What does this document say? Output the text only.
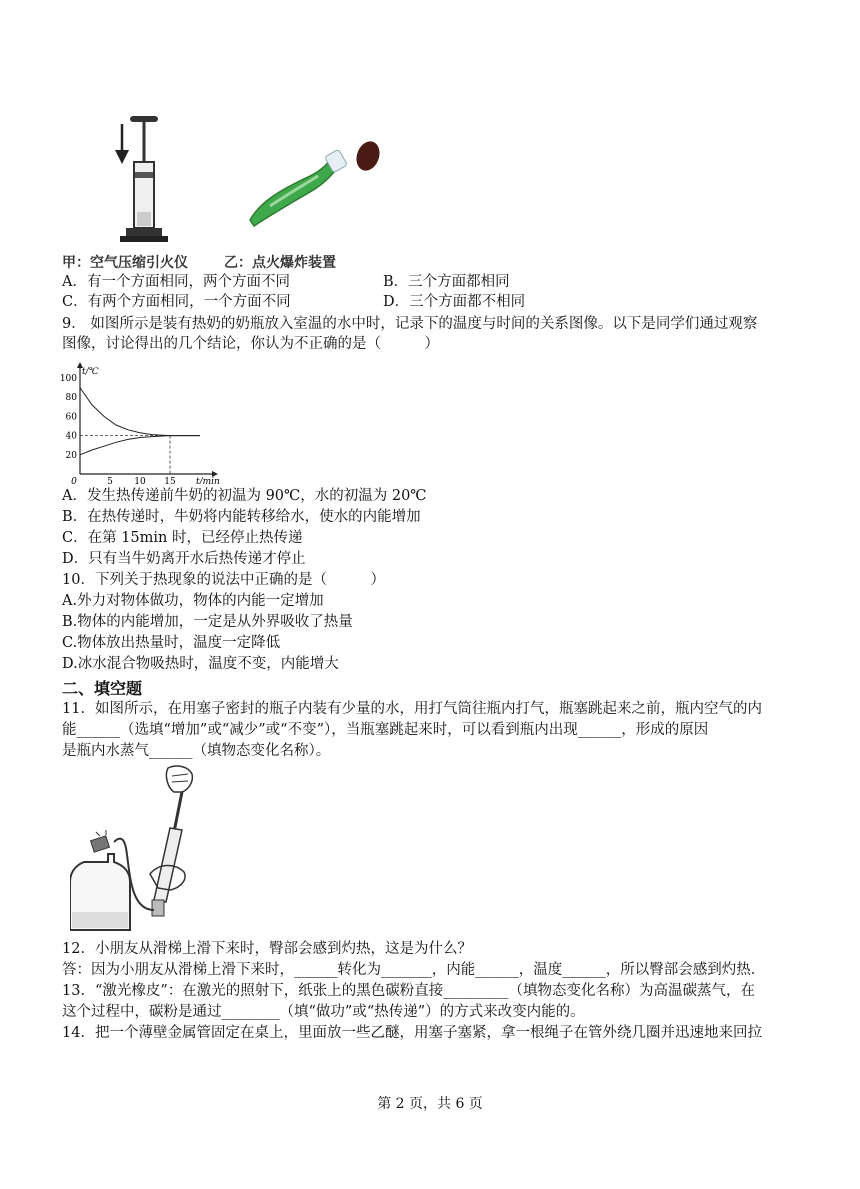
甲：空气压缩引火仪	乙：点火爆炸装置
A．有一个方面相同，两个方面不同	B．三个方面都相同
C．有两个方面相同，一个方面不同	D．三个方面都不相同
9． 如图所示是装有热奶的奶瓶放入室温的水中时，记录下的温度与时间的关系图像。以下是同学们通过观察
图像，讨论得出的几个结论，你认为不正确的是（　　　）
t/℃
t/min
100
80
60
40
20
0	5 10 15
A．发生热传递前牛奶的初温为 90℃，水的初温为 20℃
B．在热传递时，牛奶将内能转移给水，使水的内能增加
C．在第 15min 时，已经停止热传递
D．只有当牛奶离开水后热传递才停止
10．下列关于热现象的说法中正确的是（　　　）
A.外力对物体做功，物体的内能一定增加
B.物体的内能增加，一定是从外界吸收了热量
C.物体放出热量时，温度一定降低
D.冰水混合物吸热时，温度不变，内能增大
二、填空题
11．如图所示，在用塞子密封的瓶子内装有少量的水，用打气筒往瓶内打气，瓶塞跳起来之前，瓶内空气的内
能______（选填“增加”或“减少”或“不变”），当瓶塞跳起来时，可以看到瓶内出现______，形成的原因
是瓶内水蒸气______（填物态变化名称）。
12．小朋友从滑梯上滑下来时，臀部会感到灼热，这是为什么？
答：因为小朋友从滑梯上滑下来时，______转化为_______，内能______，温度______，所以臀部会感到灼热．
13．“激光橡皮”：在激光的照射下，纸张上的黑色碳粉直接_________（填物态变化名称）为高温碳蒸气，在
这个过程中，碳粉是通过________（填“做功”或“热传递”）的方式来改变内能的。
14．把一个薄壁金属管固定在桌上，里面放一些乙醚，用塞子塞紧，拿一根绳子在管外绕几圈并迅速地来回拉
第 2 页，共 6 页
